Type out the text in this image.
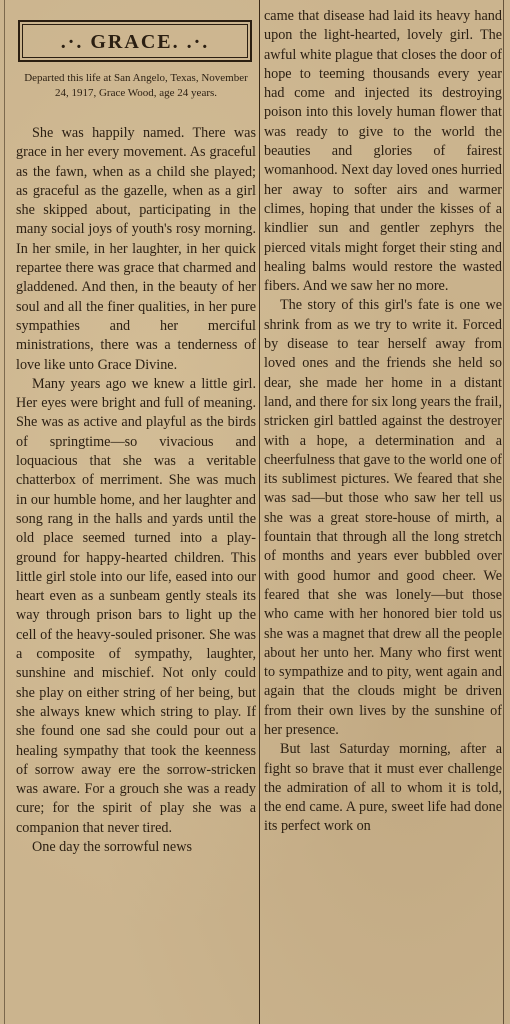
.·. GRACE. .·.
Departed this life at San Angelo, Texas, November 24, 1917, Grace Wood, age 24 years.

She was happily named. There was grace in her every movement. As graceful as the fawn, when as a child she played; as graceful as the gazelle, when as a girl she skipped about, participating in the many social joys of youth's rosy morning. In her smile, in her laughter, in her quick repartee there was grace that charmed and gladdened. And then, in the beauty of her soul and all the finer qualities, in her pure sympathies and her merciful ministrations, there was a tenderness of love like unto Grace Divine.

Many years ago we knew a little girl. Her eyes were bright and full of meaning. She was as active and playful as the birds of springtime—so vivacious and loquacious that she was a veritable chatterbox of merriment. She was much in our humble home, and her laughter and song rang in the halls and yards until the old place seemed turned into a play-ground for happy-hearted children. This little girl stole into our life, eased into our heart even as a sunbeam gently steals its way through prison bars to light up the cell of the heavy-souled prisoner. She was a composite of sympathy, laughter, sunshine and mischief. Not only could she play on either string of her being, but she always knew which string to play. If she found one sad she could pour out a healing sympathy that took the keenness of sorrow away ere the sorrow-stricken was aware. For a grouch she was a ready cure; for the spirit of play she was a companion that never tired.

One day the sorrowful news

came that disease had laid its heavy hand upon the light-hearted, lovely girl. The awful white plague that closes the door of hope to teeming thousands every year had come and injected its destroying poison into this lovely human flower that was ready to give to the world the beauties and glories of fairest womanhood. Next day loved ones hurried her away to softer airs and warmer climes, hoping that under the kisses of a kindlier sun and gentler zephyrs the pierced vitals might forget their sting and healing balms would restore the wasted fibers. And we saw her no more.

The story of this girl's fate is one we shrink from as we try to write it. Forced by disease to tear herself away from loved ones and the friends she held so dear, she made her home in a distant land, and there for six long years the frail, stricken girl battled against the destroyer with a hope, a determination and a cheerfulness that gave to the world one of its sublimest pictures. We feared that she was sad—but those who saw her tell us she was a great store-house of mirth, a fountain that through all the long stretch of months and years ever bubbled over with good humor and good cheer. We feared that she was lonely—but those who came with her honored bier told us she was a magnet that drew all the people about her unto her. Many who first went to sympathize and to pity, went again and again that the clouds might be driven from their own lives by the sunshine of her presence.

But last Saturday morning, after a fight so brave that it must ever challenge the admiration of all to whom it is told, the end came. A pure, sweet life had done its perfect work on
